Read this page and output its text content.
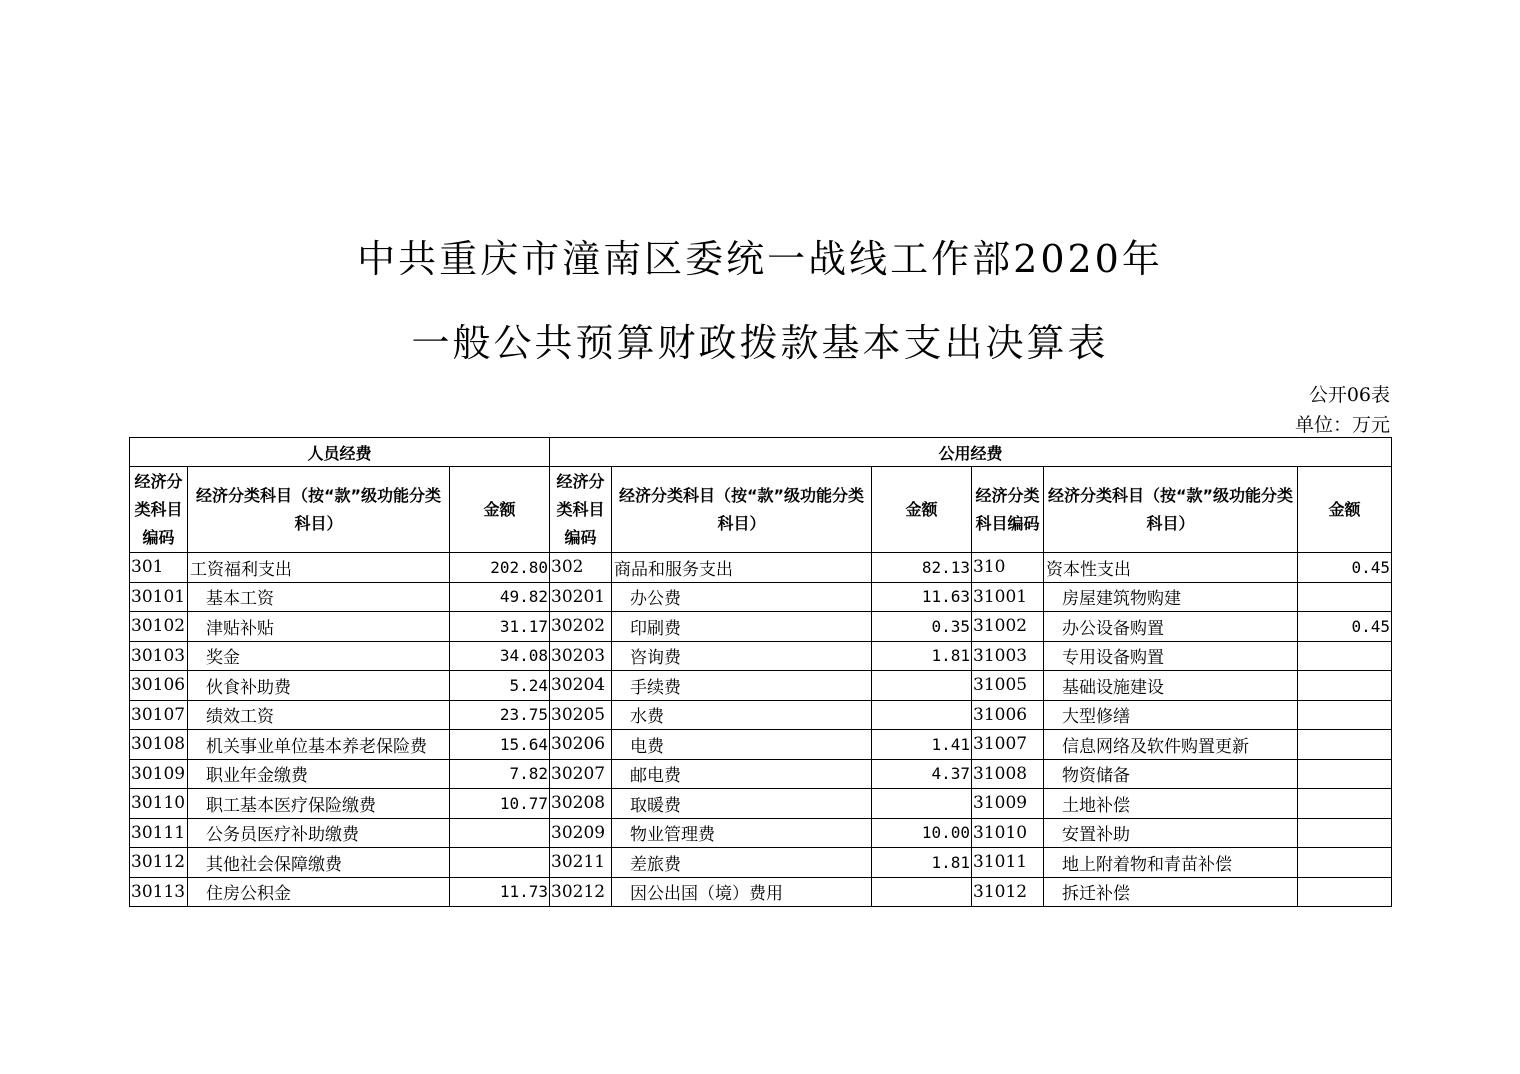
中共重庆市潼南区委统一战线工作部2020年
一般公共预算财政拨款基本支出决算表
公开06表
单位：万元
人员经费			公用经费					
经济分类科目编码	经济分类科目（按“款”级功能分类科目）	金额	经济分类科目编码	经济分类科目（按“款”级功能分类科目）	金额	经济分类科目编码	经济分类科目（按“款”级功能分类科目）	金额
301	工资福利支出	202.80	302	商品和服务支出	82.13	310	资本性支出	0.45
30101	基本工资	49.82	30201	办公费	11.63	31001	房屋建筑物购建	
30102	津贴补贴	31.17	30202	印刷费	0.35	31002	办公设备购置	0.45
30103	奖金	34.08	30203	咨询费	1.81	31003	专用设备购置	
30106	伙食补助费	5.24	30204	手续费		31005	基础设施建设	
30107	绩效工资	23.75	30205	水费		31006	大型修缮	
30108	机关事业单位基本养老保险费	15.64	30206	电费	1.41	31007	信息网络及软件购置更新	
30109	职业年金缴费	7.82	30207	邮电费	4.37	31008	物资储备	
30110	职工基本医疗保险缴费	10.77	30208	取暖费		31009	土地补偿	
30111	公务员医疗补助缴费		30209	物业管理费	10.00	31010	安置补助	
30112	其他社会保障缴费		30211	差旅费	1.81	31011	地上附着物和青苗补偿	
30113	住房公积金	11.73	30212	因公出国（境）费用		31012	拆迁补偿	
